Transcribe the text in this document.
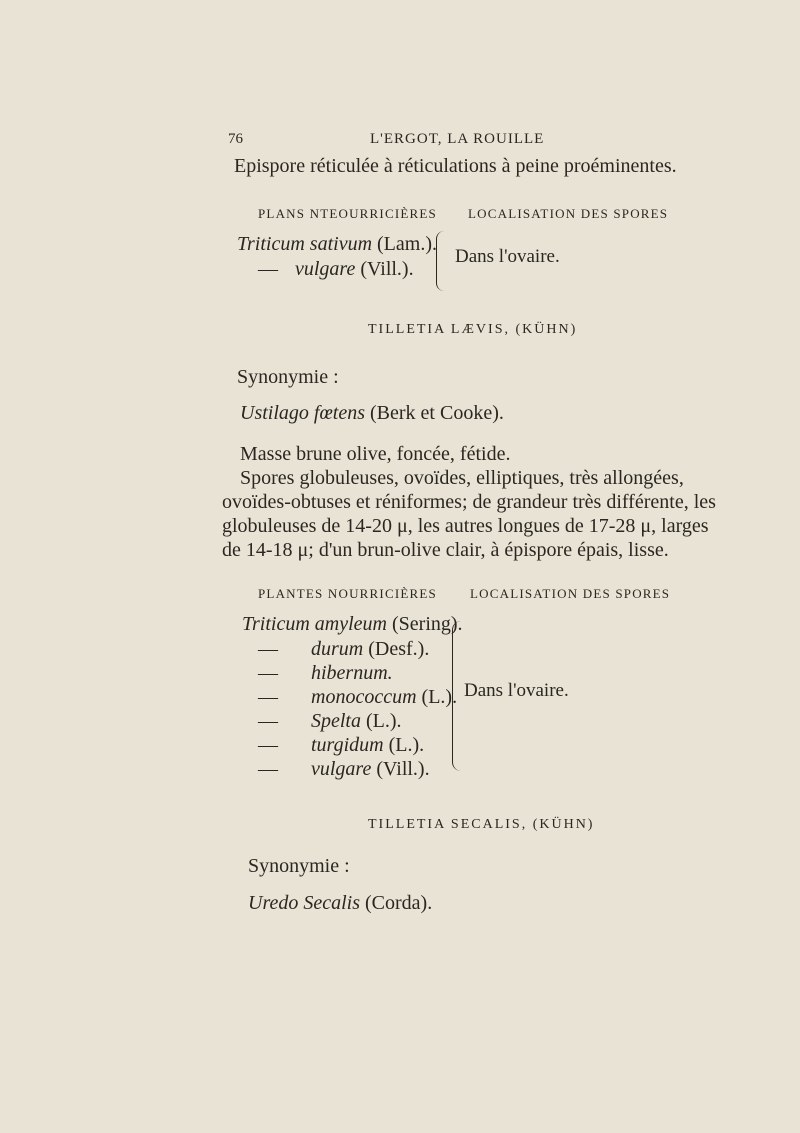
76	L'ERGOT, LA ROUILLE
Epispore réticulée à réticulations à peine proéminentes.
PLANS NTEOURRICIÈRES LOCALISATION DES SPORES
Triticum sativum (Lam.).
— vulgare (Vill.).
Dans l'ovaire.
TILLETIA LÆVIS, (KÜHN)
Synonymie :
Ustilago fœtens (Berk et Cooke).
Masse brune olive, foncée, fétide.
Spores globuleuses, ovoïdes, elliptiques, très allongées,
ovoïdes-obtuses et réniformes; de grandeur très différente, les
globuleuses de 14-20 μ, les autres longues de 17-28 μ, larges
de 14-18 μ; d'un brun-olive clair, à épispore épais, lisse.
PLANTES NOURRICIÈRES	LOCALISATION DES SPORES
Triticum amyleum (Sering).
— durum (Desf.).
— hibernum.
— monococcum (L.).
— Spelta (L.).
— turgidum (L.).
— vulgare (Vill.).
Dans l'ovaire.
TILLETIA SECALIS, (KÜHN)
Synonymie :
Uredo Secalis (Corda).
